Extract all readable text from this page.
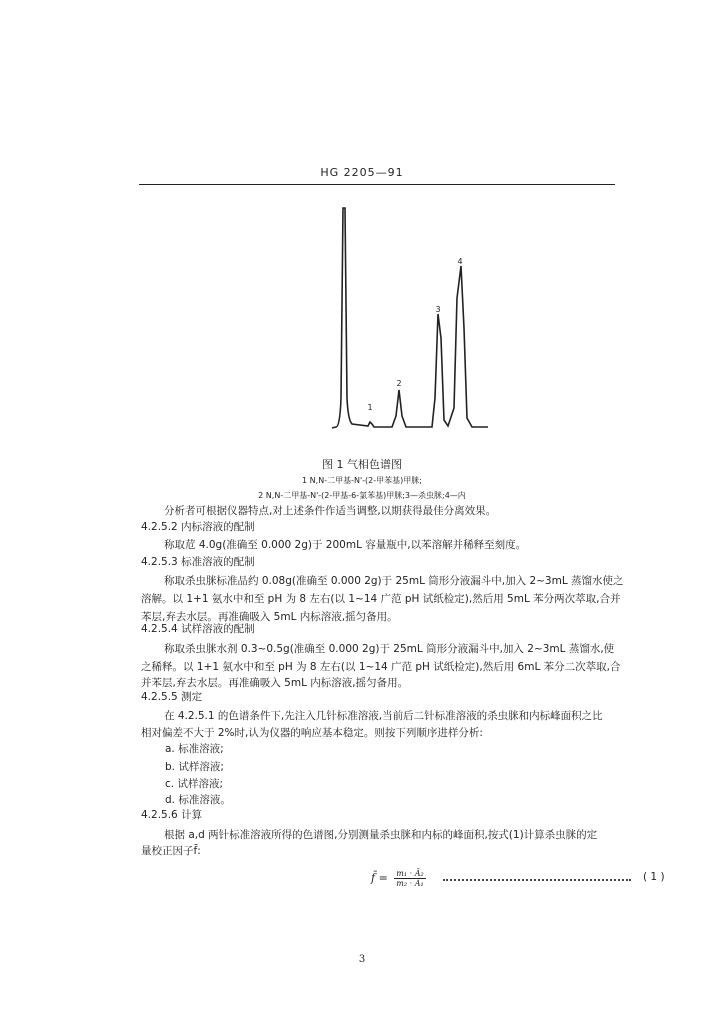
HG 2205—91
1
2
3
4
图 1 气相色谱图
1 N,N-二甲基-N'-(2-甲苯基)甲脒;
2 N,N-二甲基-N'-(2-甲基-6-氯苯基)甲脒;3—杀虫脒;4—内
分析者可根据仪器特点,对上述条件作适当调整,以期获得最佳分离效果。
4.2.5.2 内标溶液的配制
称取苊 4.0g(准确至 0.000 2g)于 200mL 容量瓶中,以苯溶解并稀释至刻度。
4.2.5.3 标准溶液的配制
称取杀虫脒标准品约 0.08g(准确至 0.000 2g)于 25mL 筒形分液漏斗中,加入 2~3mL 蒸馏水使之
溶解。以 1+1 氨水中和至 pH 为 8 左右(以 1~14 广范 pH 试纸检定),然后用 5mL 苯分两次萃取,合并
苯层,弃去水层。再准确吸入 5mL 内标溶液,摇匀备用。
4.2.5.4 试样溶液的配制
称取杀虫脒水剂 0.3~0.5g(准确至 0.000 2g)于 25mL 筒形分液漏斗中,加入 2~3mL 蒸馏水,使
之稀释。以 1+1 氨水中和至 pH 为 8 左右(以 1~14 广范 pH 试纸检定),然后用 6mL 苯分二次萃取,合
并苯层,弃去水层。再准确吸入 5mL 内标溶液,摇匀备用。
4.2.5.5 测定
在 4.2.5.1 的色谱条件下,先注入几针标准溶液,当前后二针标准溶液的杀虫脒和内标峰面积之比
相对偏差不大于 2%时,认为仪器的响应基本稳定。则按下列顺序进样分析:
a. 标准溶液;
b. 试样溶液;
c. 试样溶液;
d. 标准溶液。
4.2.5.6 计算
根据 a,d 两针标准溶液所得的色谱图,分别测量杀虫脒和内标的峰面积,按式(1)计算杀虫脒的定
量校正因子f̄:
f̄ = $\frac{\text{m₁ · Ā₂}}{\text{m₂ · Ā₁}}$	( 1 )
3
